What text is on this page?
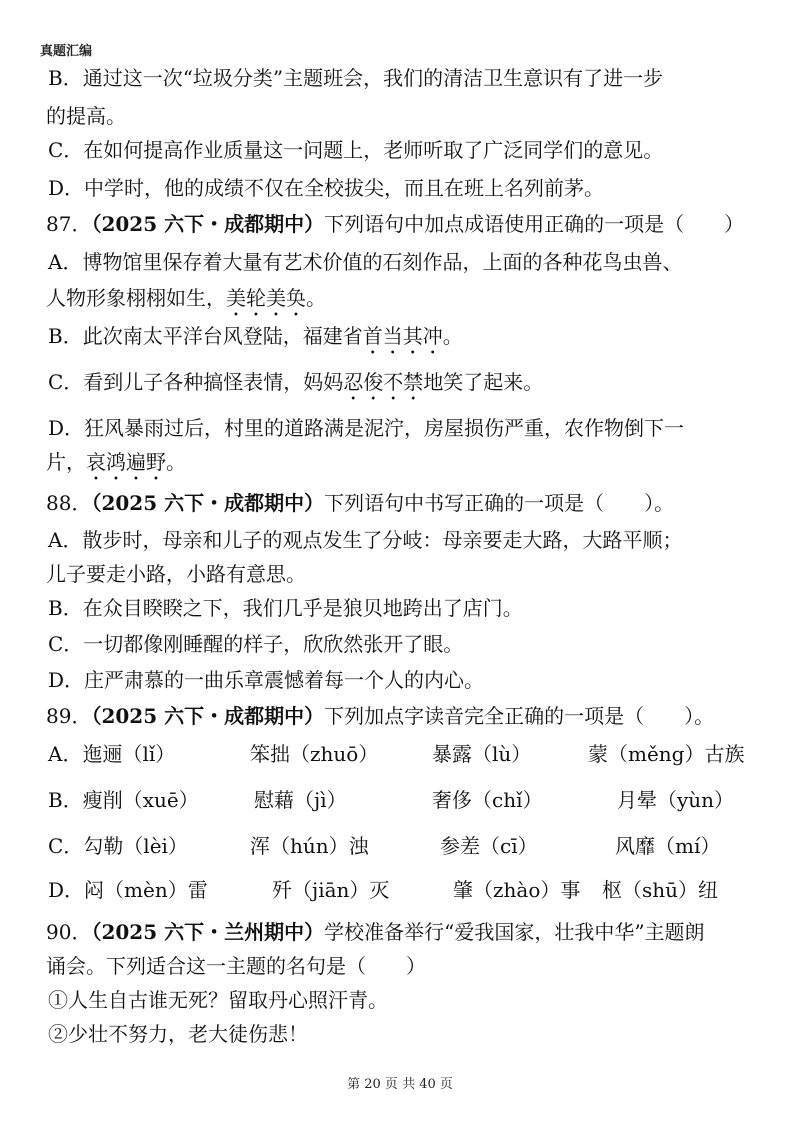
真题汇编
B．通过这一次“垃圾分类”主题班会，我们的清洁卫生意识有了进一步
的提高。
C．在如何提高作业质量这一问题上，老师听取了广泛同学们的意见。
D．中学时，他的成绩不仅在全校拔尖，而且在班上名列前茅。
87．（2025 六下・成都期中）下列语句中加点成语使用正确的一项是（　　）
A．博物馆里保存着大量有艺术价值的石刻作品，上面的各种花鸟虫兽、
人物形象栩栩如生，美轮美奂。
B．此次南太平洋台风登陆，福建省首当其冲。
C．看到儿子各种搞怪表情，妈妈忍俊不禁地笑了起来。
D．狂风暴雨过后，村里的道路满是泥泞，房屋损伤严重，农作物倒下一
片，哀鸿遍野。
88．（2025 六下・成都期中）下列语句中书写正确的一项是（　　）。
A．散步时，母亲和儿子的观点发生了分岐：母亲要走大路，大路平顺；
儿子要走小路，小路有意思。
B．在众目睽睽之下，我们几乎是狼贝地跨出了店门。
C．一切都像刚睡醒的样子，欣欣然张开了眼。
D．庄严肃慕的一曲乐章震憾着每一个人的内心。
89．（2025 六下・成都期中）下列加点字读音完全正确的一项是（　　）。
A．迤逦（lǐ）	笨拙（zhuō）	暴露（lù）	蒙（měng）古族
B．瘦削（xuē）	慰藉（jì）	奢侈（chǐ）	月晕（yùn）
C．勾勒（lèi）	浑（hún）浊	参差（cī）	风靡（mí）
D．闷（mèn）雷	歼（jiān）灭	肇（zhào）事 枢（shū）纽
90．（2025 六下・兰州期中）学校准备举行“爱我国家，壮我中华”主题朗
诵会。下列适合这一主题的名句是（　　）
①人生自古谁无死？留取丹心照汗青。
②少壮不努力，老大徒伤悲！
第 20 页 共 40 页
